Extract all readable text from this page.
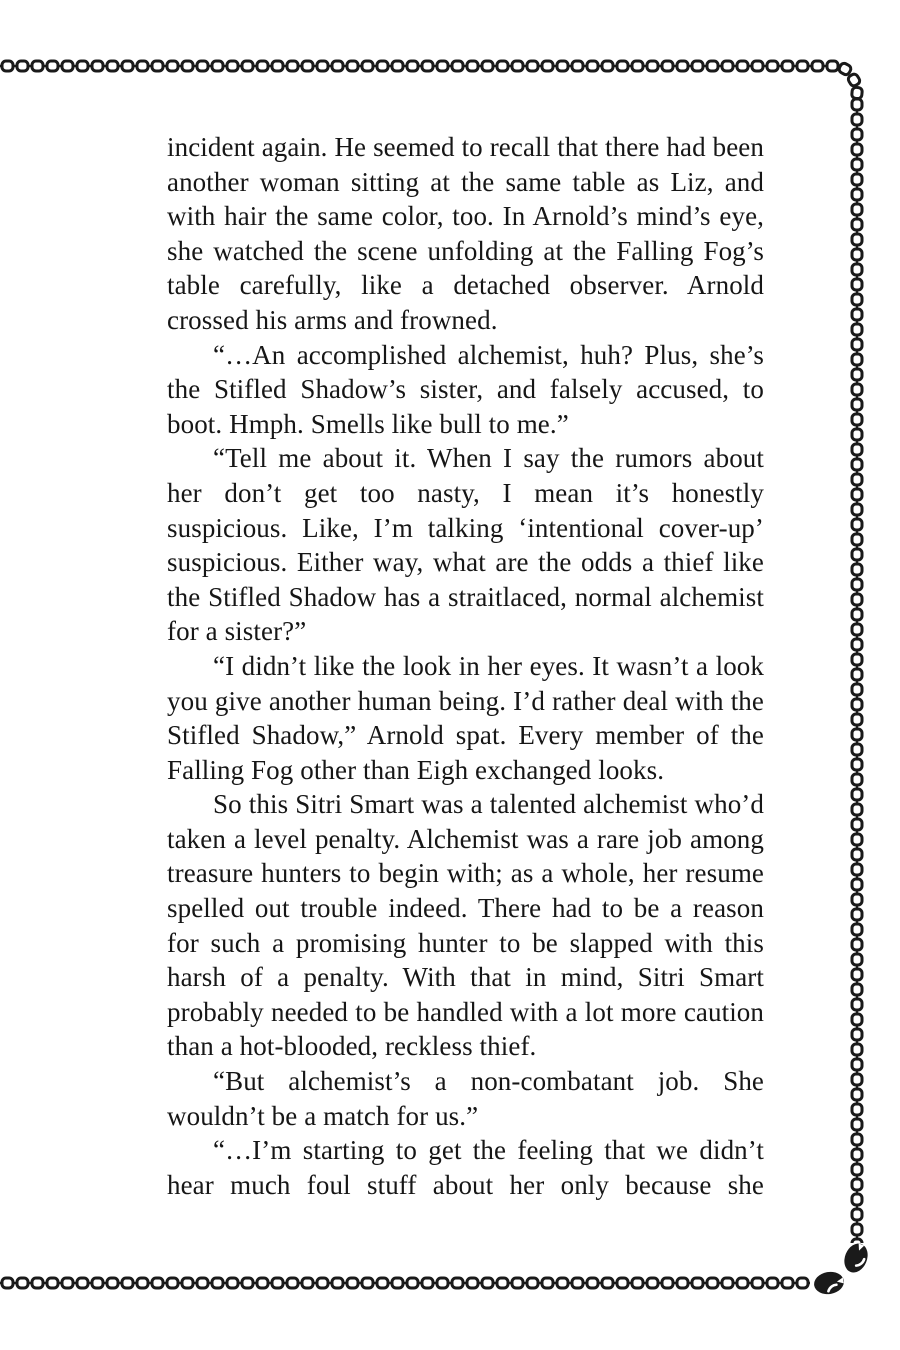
incident again. He seemed to recall that there had been another woman sitting at the same table as Liz, and with hair the same color, too. In Arnold’s mind’s eye, she watched the scene unfolding at the Falling Fog’s table carefully, like a detached observer. Arnold crossed his arms and frowned.

“…An accomplished alchemist, huh? Plus, she’s the Stifled Shadow’s sister, and falsely accused, to boot. Hmph. Smells like bull to me.”

“Tell me about it. When I say the rumors about her don’t get too nasty, I mean it’s honestly suspicious. Like, I’m talking ‘intentional cover-up’ suspicious. Either way, what are the odds a thief like the Stifled Shadow has a straitlaced, normal alchemist for a sister?”

“I didn’t like the look in her eyes. It wasn’t a look you give another human being. I’d rather deal with the Stifled Shadow,” Arnold spat. Every member of the Falling Fog other than Eigh exchanged looks.

So this Sitri Smart was a talented alchemist who’d taken a level penalty. Alchemist was a rare job among treasure hunters to begin with; as a whole, her resume spelled out trouble indeed. There had to be a reason for such a promising hunter to be slapped with this harsh of a penalty. With that in mind, Sitri Smart probably needed to be handled with a lot more caution than a hot-blooded, reckless thief.

“But alchemist’s a non-combatant job. She wouldn’t be a match for us.”

“…I’m starting to get the feeling that we didn’t hear much foul stuff about her only because she
